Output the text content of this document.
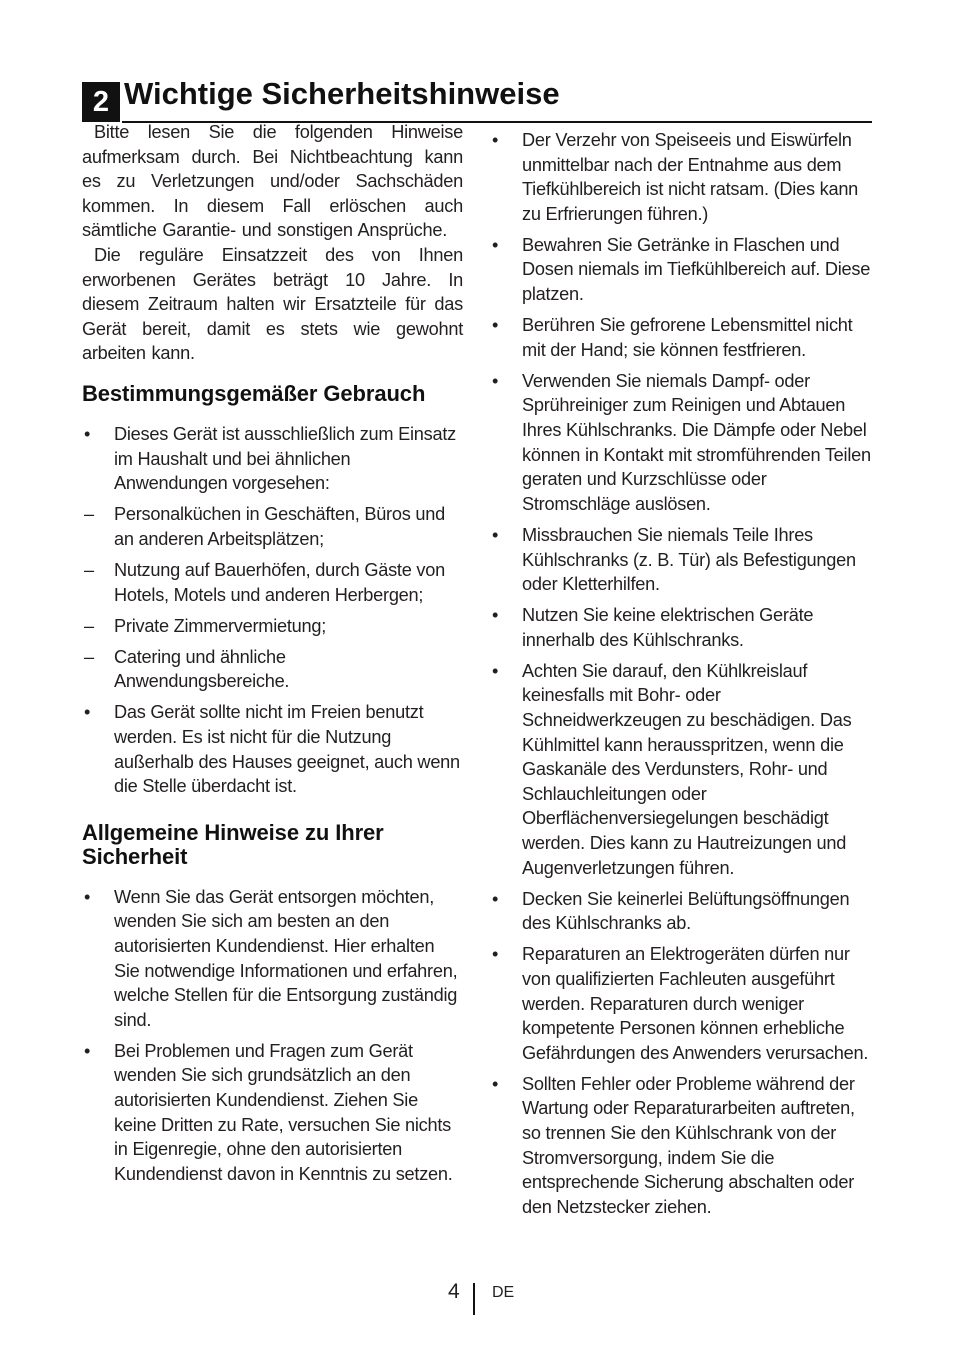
2 Wichtige Sicherheitshinweise

Bitte lesen Sie die folgenden Hinweise aufmerksam durch. Bei Nichtbeachtung kann es zu Verletzungen und/oder Sachschäden kommen. In diesem Fall erlöschen auch sämtliche Garantie- und sonstigen Ansprüche.

Die reguläre Einsatzzeit des von Ihnen erworbenen Gerätes beträgt 10 Jahre. In diesem Zeitraum halten wir Ersatzteile für das Gerät bereit, damit es stets wie gewohnt arbeiten kann.

Bestimmungsgemäßer Gebrauch
•	Dieses Gerät ist ausschließlich zum Einsatz im Haushalt und bei ähnlichen Anwendungen vorgesehen:
–	Personalküchen in Geschäften, Büros und an anderen Arbeitsplätzen;
–	Nutzung auf Bauerhöfen, durch Gäste von Hotels, Motels und anderen Herbergen;
–	Private Zimmervermietung;
–	Catering und ähnliche Anwendungsbereiche.
•	Das Gerät sollte nicht im Freien benutzt werden. Es ist nicht für die Nutzung außerhalb des Hauses geeignet, auch wenn die Stelle überdacht ist.
Allgemeine Hinweise zu Ihrer Sicherheit
•	Wenn Sie das Gerät entsorgen möchten, wenden Sie sich am besten an den autorisierten Kundendienst. Hier erhalten Sie notwendige Informationen und erfahren, welche Stellen für die Entsorgung zuständig sind.
•	Bei Problemen und Fragen zum Gerät wenden Sie sich grundsätzlich an den autorisierten Kundendienst. Ziehen Sie keine Dritten zu Rate, versuchen Sie nichts in Eigenregie, ohne den autorisierten Kundendienst davon in Kenntnis zu setzen.
•	Der Verzehr von Speiseeis und Eiswürfeln unmittelbar nach der Entnahme aus dem Tiefkühlbereich ist nicht ratsam. (Dies kann zu Erfrierungen führen.)
•	Bewahren Sie Getränke in Flaschen und Dosen niemals im Tiefkühlbereich auf. Diese platzen.
•	Berühren Sie gefrorene Lebensmittel nicht mit der Hand; sie können festfrieren.
•	Verwenden Sie niemals Dampf- oder Sprühreiniger zum Reinigen und Abtauen Ihres Kühlschranks. Die Dämpfe oder Nebel können in Kontakt mit stromführenden Teilen geraten und Kurzschlüsse oder Stromschläge auslösen.
•	Missbrauchen Sie niemals Teile Ihres Kühlschranks (z. B. Tür) als Befestigungen oder Kletterhilfen.
•	Nutzen Sie keine elektrischen Geräte innerhalb des Kühlschranks.
•	Achten Sie darauf, den Kühlkreislauf keinesfalls mit Bohr- oder Schneidwerkzeugen zu beschädigen. Das Kühlmittel kann herausspritzen, wenn die Gaskanäle des Verdunsters, Rohr- und Schlauchleitungen oder Oberflächenversiegelungen beschädigt werden. Dies kann zu Hautreizungen und Augenverletzungen führen.
•	Decken Sie keinerlei Belüftungsöffnungen des Kühlschranks ab.
•	Reparaturen an Elektrogeräten dürfen nur von qualifizierten Fachleuten ausgeführt werden. Reparaturen durch weniger kompetente Personen können erhebliche Gefährdungen des Anwenders verursachen.
•	Sollten Fehler oder Probleme während der Wartung oder Reparaturarbeiten auftreten, so trennen Sie den Kühlschrank von der Stromversorgung, indem Sie die entsprechende Sicherung abschalten oder den Netzstecker ziehen.
4 DE
